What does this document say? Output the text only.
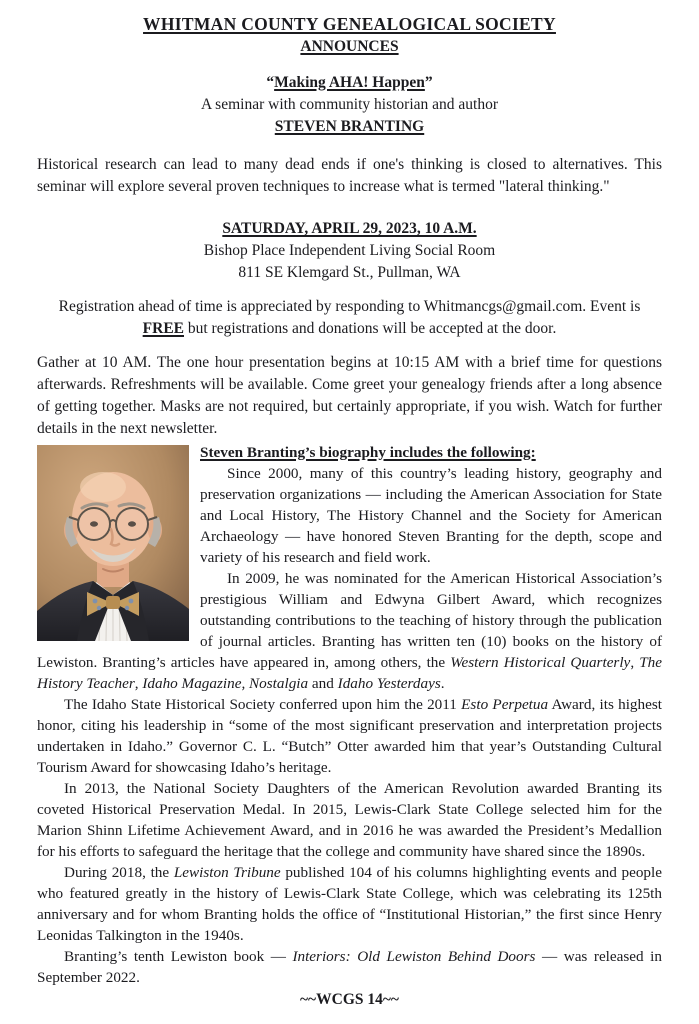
WHITMAN COUNTY GENEALOGICAL SOCIETY
ANNOUNCES
“Making AHA! Happen”
A seminar with community historian and author
STEVEN BRANTING

Historical research can lead to many dead ends if one's thinking is closed to alternatives. This seminar will explore several proven techniques to increase what is termed "lateral thinking."

SATURDAY, APRIL 29, 2023, 10 A.M.
Bishop Place Independent Living Social Room
811 SE Klemgard St., Pullman, WA

Registration ahead of time is appreciated by responding to Whitmancgs@gmail.com. Event is FREE but registrations and donations will be accepted at the door.

Gather at 10 AM. The one hour presentation begins at 10:15 AM with a brief time for questions afterwards. Refreshments will be available. Come greet your genealogy friends after a long absence of getting together. Masks are not required, but certainly appropriate, if you wish. Watch for further details in the next newsletter.

Steven Branting’s biography includes the following:

Since 2000, many of this country’s leading history, geography and preservation organizations — including the American Association for State and Local History, The History Channel and the Society for American Archaeology — have honored Steven Branting for the depth, scope and variety of his research and field work.

In 2009, he was nominated for the American Historical Association’s prestigious William and Edwyna Gilbert Award, which recognizes outstanding contributions to the teaching of history through the publication of journal articles. Branting has written ten (10) books on the history of Lewiston. Branting’s articles have appeared in, among others, the Western Historical Quarterly, The History Teacher, Idaho Magazine, Nostalgia and Idaho Yesterdays.

The Idaho State Historical Society conferred upon him the 2011 Esto Perpetua Award, its highest honor, citing his leadership in “some of the most significant preservation and interpretation projects undertaken in Idaho.” Governor C. L. “Butch” Otter awarded him that year’s Outstanding Cultural Tourism Award for showcasing Idaho’s heritage.

In 2013, the National Society Daughters of the American Revolution awarded Branting its coveted Historical Preservation Medal. In 2015, Lewis-Clark State College selected him for the Marion Shinn Lifetime Achievement Award, and in 2016 he was awarded the President’s Medallion for his efforts to safeguard the heritage that the college and community have shared since the 1890s.

During 2018, the Lewiston Tribune published 104 of his columns highlighting events and people who featured greatly in the history of Lewis-Clark State College, which was celebrating its 125th anniversary and for whom Branting holds the office of “Institutional Historian,” the first since Henry Leonidas Talkington in the 1940s.

Branting’s tenth Lewiston book — Interiors: Old Lewiston Behind Doors — was released in September 2022.

~~WCGS 14~~
